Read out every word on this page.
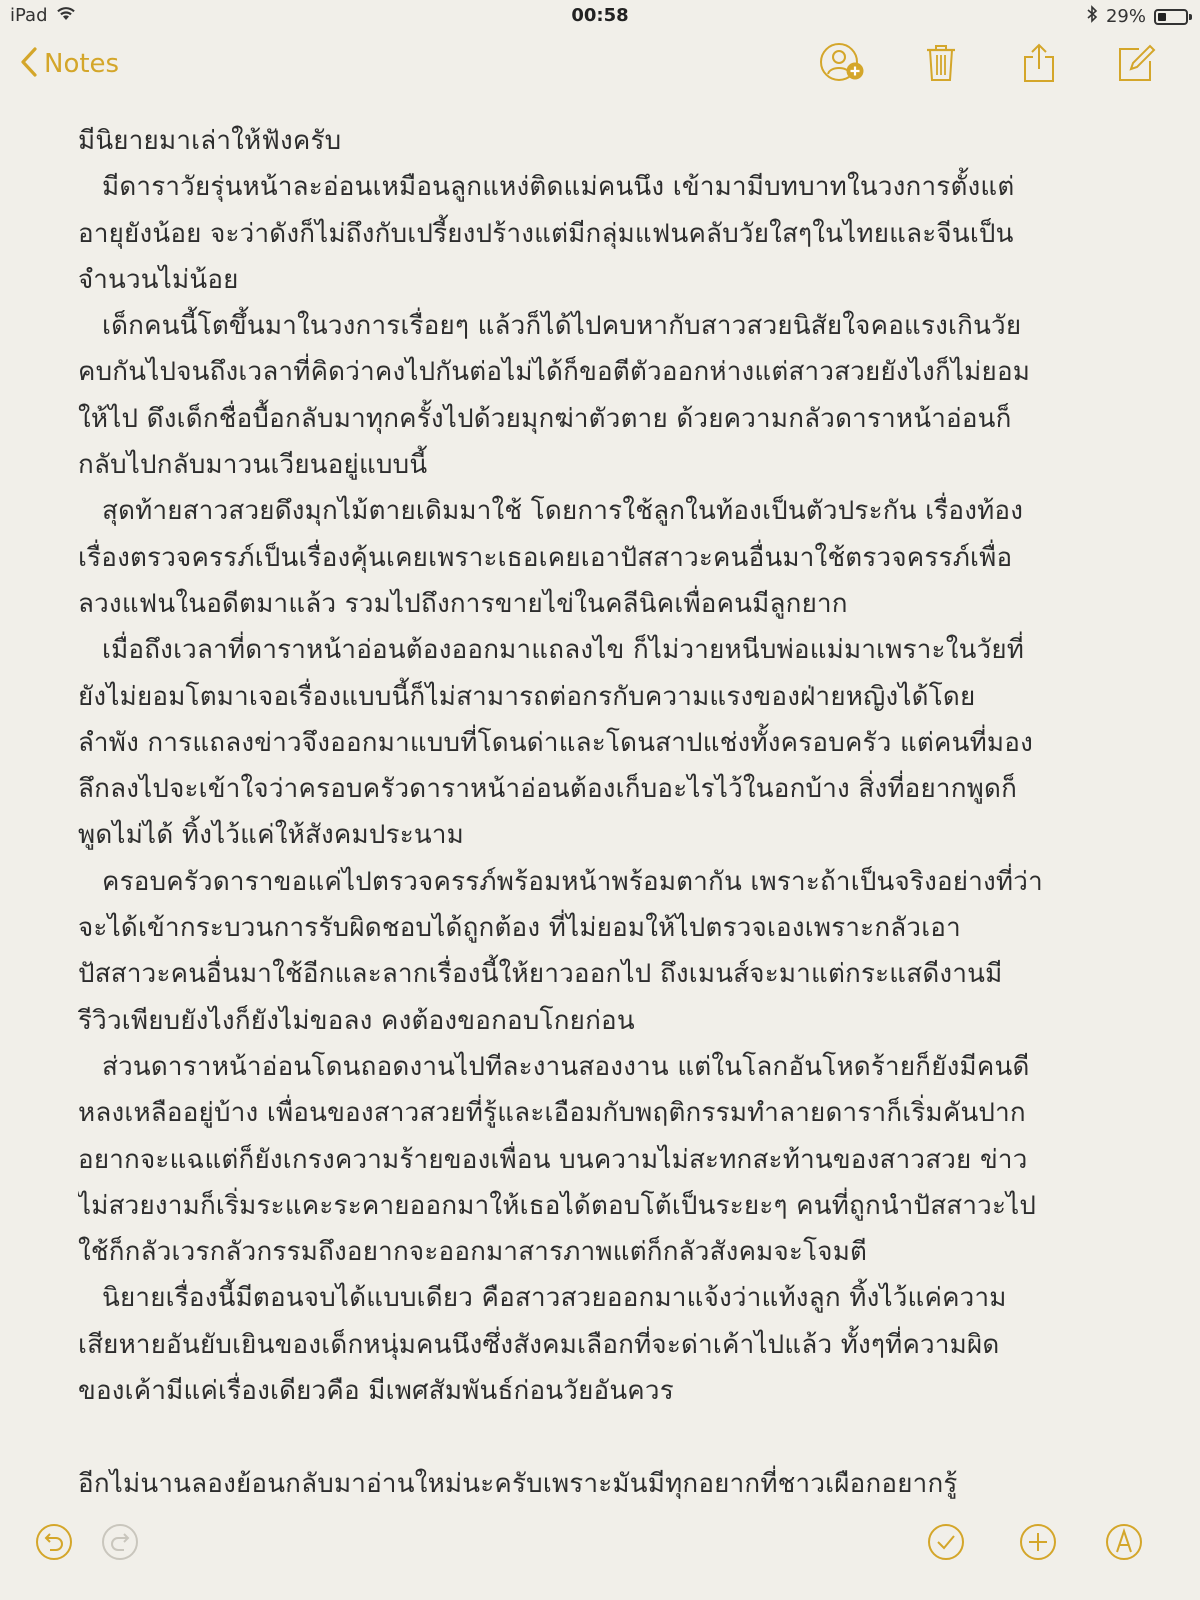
iPad	00:58	29%
Notes
มีนิยายมาเล่าให้ฟังครับ
มีดาราวัยรุ่นหน้าละอ่อนเหมือนลูกแหง่ติดแม่คนนึง เข้ามามีบทบาทในวงการตั้งแต่
อายุยังน้อย จะว่าดังก็ไม่ถึงกับเปรี้ยงปร้างแต่มีกลุ่มแฟนคลับวัยใสๆในไทยและจีนเป็น
จำนวนไม่น้อย
เด็กคนนี้โตขึ้นมาในวงการเรื่อยๆ แล้วก็ได้ไปคบหากับสาวสวยนิสัยใจคอแรงเกินวัย
คบกันไปจนถึงเวลาที่คิดว่าคงไปกันต่อไม่ได้ก็ขอตีตัวออกห่างแต่สาวสวยยังไงก็ไม่ยอม
ให้ไป ดึงเด็กชื่อบื้อกลับมาทุกครั้งไปด้วยมุกฆ่าตัวตาย ด้วยความกลัวดาราหน้าอ่อนก็
กลับไปกลับมาวนเวียนอยู่แบบนี้
สุดท้ายสาวสวยดึงมุกไม้ตายเดิมมาใช้ โดยการใช้ลูกในท้องเป็นตัวประกัน เรื่องท้อง
เรื่องตรวจครรภ์เป็นเรื่องคุ้นเคยเพราะเธอเคยเอาปัสสาวะคนอื่นมาใช้ตรวจครรภ์เพื่อ
ลวงแฟนในอดีตมาแล้ว รวมไปถึงการขายไข่ในคลีนิคเพื่อคนมีลูกยาก
เมื่อถึงเวลาที่ดาราหน้าอ่อนต้องออกมาแถลงไข ก็ไม่วายหนีบพ่อแม่มาเพราะในวัยที่
ยังไม่ยอมโตมาเจอเรื่องแบบนี้ก็ไม่สามารถต่อกรกับความแรงของฝ่ายหญิงได้โดย
ลำพัง การแถลงข่าวจึงออกมาแบบที่โดนด่าและโดนสาปแช่งทั้งครอบครัว แต่คนที่มอง
ลึกลงไปจะเข้าใจว่าครอบครัวดาราหน้าอ่อนต้องเก็บอะไรไว้ในอกบ้าง สิ่งที่อยากพูดก็
พูดไม่ได้ ทิ้งไว้แค่ให้สังคมประนาม
ครอบครัวดาราขอแค่ไปตรวจครรภ์พร้อมหน้าพร้อมตากัน เพราะถ้าเป็นจริงอย่างที่ว่า
จะได้เข้ากระบวนการรับผิดชอบได้ถูกต้อง ที่ไม่ยอมให้ไปตรวจเองเพราะกลัวเอา
ปัสสาวะคนอื่นมาใช้อีกและลากเรื่องนี้ให้ยาวออกไป ถึงเมนส์จะมาแต่กระแสดีงานมี
รีวิวเพียบยังไงก็ยังไม่ขอลง คงต้องขอกอบโกยก่อน
ส่วนดาราหน้าอ่อนโดนถอดงานไปทีละงานสองงาน แต่ในโลกอันโหดร้ายก็ยังมีคนดี
หลงเหลืออยู่บ้าง เพื่อนของสาวสวยที่รู้และเอือมกับพฤติกรรมทำลายดาราก็เริ่มคันปาก
อยากจะแฉแต่ก็ยังเกรงความร้ายของเพื่อน บนความไม่สะทกสะท้านของสาวสวย ข่าว
ไม่สวยงามก็เริ่มระแคะระคายออกมาให้เธอได้ตอบโต้เป็นระยะๆ คนที่ถูกนำปัสสาวะไป
ใช้ก็กลัวเวรกลัวกรรมถึงอยากจะออกมาสารภาพแต่ก็กลัวสังคมจะโจมตี
นิยายเรื่องนี้มีตอนจบได้แบบเดียว คือสาวสวยออกมาแจ้งว่าแท้งลูก ทิ้งไว้แค่ความ
เสียหายอันยับเยินของเด็กหนุ่มคนนึงซึ่งสังคมเลือกที่จะด่าเค้าไปแล้ว ทั้งๆที่ความผิด
ของเค้ามีแค่เรื่องเดียวคือ มีเพศสัมพันธ์ก่อนวัยอันควร
อีกไม่นานลองย้อนกลับมาอ่านใหม่นะครับเพราะมันมีทุกอยากที่ชาวเผือกอยากรู้
